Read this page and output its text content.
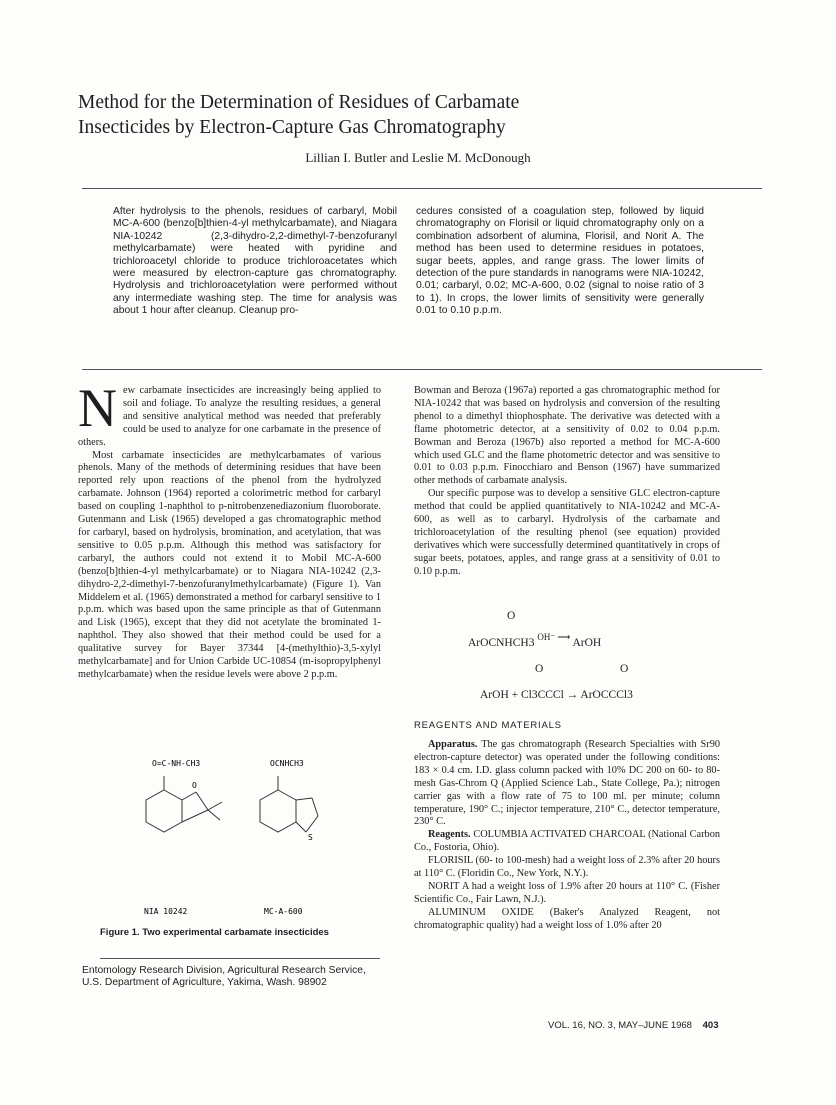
Method for the Determination of Residues of Carbamate
Insecticides by Electron-Capture Gas Chromatography
Lillian I. Butler and Leslie M. McDonough

After hydrolysis to the phenols, residues of carbaryl, Mobil MC-A-600 (benzo[b]thien-4-yl methylcarbamate), and Niagara NIA-10242 (2,3-dihydro-2,2-dimethyl-7-benzofuranyl methylcarbamate) were heated with pyridine and trichloroacetyl chloride to produce trichloroacetates which were measured by electron-capture gas chromatography. Hydrolysis and trichloroacetylation were performed without any intermediate washing step. The time for analysis was about 1 hour after cleanup. Cleanup pro-

cedures consisted of a coagulation step, followed by liquid chromatography on Florisil or liquid chromatography only on a combination adsorbent of alumina, Florisil, and Norit A. The method has been used to determine residues in potatoes, sugar beets, apples, and range grass. The lower limits of detection of the pure standards in nanograms were NIA-10242, 0.01; carbaryl, 0.02; MC-A-600, 0.02 (signal to noise ratio of 3 to 1). In crops, the lower limits of sensitivity were generally 0.01 to 0.10 p.p.m.

New carbamate insecticides are increasingly being applied to soil and foliage. To analyze the resulting residues, a general and sensitive analytical method was needed that preferably could be used to analyze for one carbamate in the presence of others.

Most carbamate insecticides are methylcarbamates of various phenols. Many of the methods of determining residues that have been reported rely upon reactions of the phenol from the hydrolyzed carbamate. Johnson (1964) reported a colorimetric method for carbaryl based on coupling 1-naphthol to p-nitrobenzenediazonium fluoroborate. Gutenmann and Lisk (1965) developed a gas chromatographic method for carbaryl, based on hydrolysis, bromination, and acetylation, that was sensitive to 0.05 p.p.m. Although this method was satisfactory for carbaryl, the authors could not extend it to Mobil MC-A-600 (benzo[b]thien-4-yl methylcarbamate) or to Niagara NIA-10242 (2,3-dihydro-2,2-dimethyl-7-benzofuranylmethylcarbamate) (Figure 1). Van Middelem et al. (1965) demonstrated a method for carbaryl sensitive to 1 p.p.m. which was based upon the same principle as that of Gutenmann and Lisk (1965), except that they did not acetylate the brominated 1-naphthol. They also showed that their method could be used for a qualitative survey for Bayer 37344 [4-(methylthio)-3,5-xylyl methylcarbamate] and for Union Carbide UC-10854 (m-isopropylphenyl methylcarbamate) when the residue levels were above 2 p.p.m.

O=C-NH-CH3
O
OCNHCH3
S
NIA 10242	MC-A-600
Figure 1. Two experimental carbamate insecticides
Entomology Research Division, Agricultural Research Service, U.S. Department of Agriculture, Yakima, Wash. 98902

Bowman and Beroza (1967a) reported a gas chromatographic method for NIA-10242 that was based on hydrolysis and conversion of the resulting phenol to a dimethyl thiophosphate. The derivative was detected with a flame photometric detector, at a sensitivity of 0.02 to 0.04 p.p.m. Bowman and Beroza (1967b) also reported a method for MC-A-600 which used GLC and the flame photometric detector and was sensitive to 0.01 to 0.03 p.p.m. Finocchiaro and Benson (1967) have summarized other methods of carbamate analysis.

Our specific purpose was to develop a sensitive GLC electron-capture method that could be applied quantitatively to NIA-10242 and MC-A-600, as well as to carbaryl. Hydrolysis of the carbamate and trichloroacetylation of the resulting phenol (see equation) provided derivatives which were successfully determined quantitatively in crops of sugar beets, potatoes, apples, and range grass at a sensitivity of 0.01 to 0.10 p.p.m.

O
ArOCNHCH3 $^{OH^- ⟶}$ ArOH
O	O
ArOH + Cl3CCCl → ArOCCCl3
REAGENTS AND MATERIALS

Apparatus. The gas chromatograph (Research Specialties with Sr90 electron-capture detector) was operated under the following conditions: 183 × 0.4 cm. I.D. glass column packed with 10% DC 200 on 60- to 80-mesh Gas-Chrom Q (Applied Science Lab., State College, Pa.); nitrogen carrier gas with a flow rate of 75 to 100 ml. per minute; column temperature, 190° C.; injector temperature, 210° C., detector temperature, 230° C.

Reagents. COLUMBIA ACTIVATED CHARCOAL (National Carbon Co., Fostoria, Ohio).

FLORISIL (60- to 100-mesh) had a weight loss of 2.3% after 20 hours at 110° C. (Floridin Co., New York, N.Y.).

NORIT A had a weight loss of 1.9% after 20 hours at 110° C. (Fisher Scientific Co., Fair Lawn, N.J.).

ALUMINUM OXIDE (Baker's Analyzed Reagent, not chromatographic quality) had a weight loss of 1.0% after 20

VOL. 16, NO. 3, MAY–JUNE 1968 403
